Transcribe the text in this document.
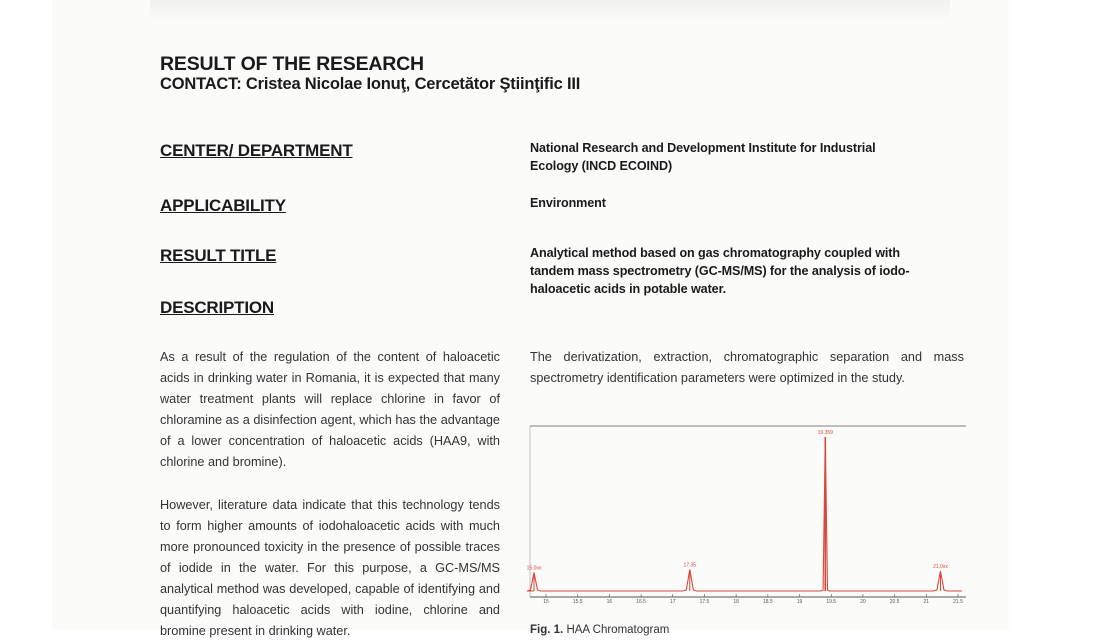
RESULT OF THE RESEARCH
CONTACT: Cristea Nicolae Ionuţ, Cercetător Ştiinţific III
CENTER/ DEPARTMENT	National Research and Development Institute for Industrial Ecology (INCD ECOIND)
APPLICABILITY	Environment
RESULT TITLE	Analytical method based on gas chromatography coupled with tandem mass spectrometry (GC-MS/MS) for the analysis of iodo-haloacetic acids in potable water.
DESCRIPTION
As a result of the regulation of the content of haloacetic acids in drinking water in Romania, it is expected that many water treatment plants will replace chlorine in favor of chloramine as a disinfection agent, which has the advantage of a lower concentration of haloacetic acids (HAA9, with chlorine and bromine).
However, literature data indicate that this technology tends to form higher amounts of iodohaloacetic acids with much more pronounced toxicity in the presence of possible traces of iodide in the water. For this purpose, a GC-MS/MS analytical method was developed, capable of identifying and quantifying haloacetic acids with iodine, chlorine and bromine present in drinking water.
The derivatization, extraction, chromatographic separation and mass spectrometry identification parameters were optimized in the study.
15	15.5	16	16.5	17	17.5	18	18.5	19	19.5	20	20.5	21	21.5
15.0xx
17.35
19.359
21.0xx
Fig. 1. HAA Chromatogram
